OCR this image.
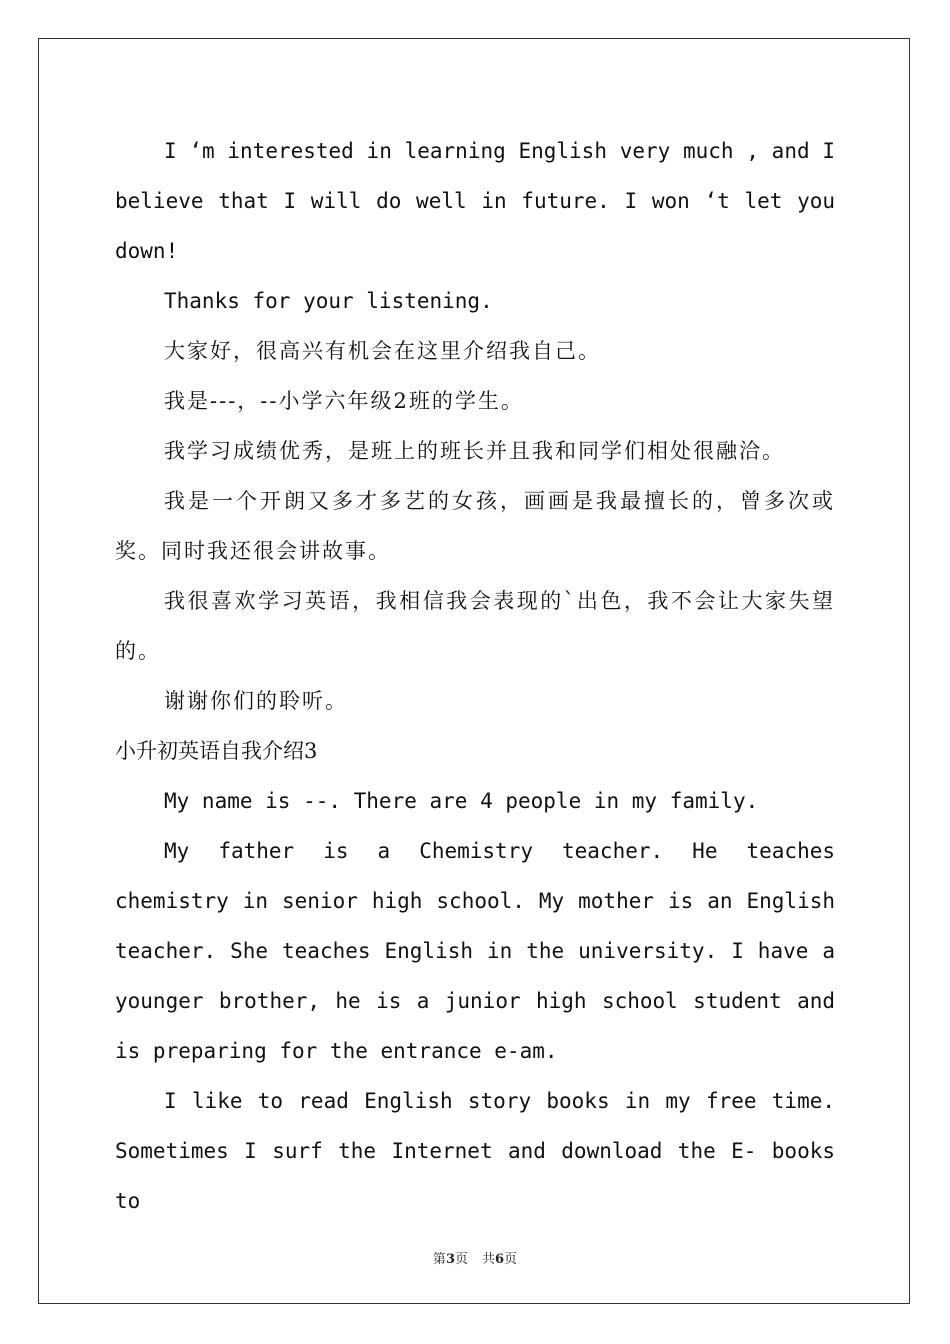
I ‘m interested in learning English very much , and I believe that I will do well in future. I won ‘t let you down!

Thanks for your listening.

大家好，很高兴有机会在这里介绍我自己。

我是---，--小学六年级2班的学生。

我学习成绩优秀，是班上的班长并且我和同学们相处很融洽。

我是一个开朗又多才多艺的女孩，画画是我最擅长的，曾多次或奖。同时我还很会讲故事。

我很喜欢学习英语，我相信我会表现的`出色，我不会让大家失望的。

谢谢你们的聆听。

小升初英语自我介绍3

My name is --. There are 4 people in my family.

My father is a Chemistry teacher. He teaches chemistry in senior high school. My mother is an English teacher. She teaches English in the university. I have a younger brother, he is a junior high school student and is preparing for the entrance e-am.

I like to read English story books in my free time. Sometimes I surf the Internet and download the E- books to

第3页 共6页
